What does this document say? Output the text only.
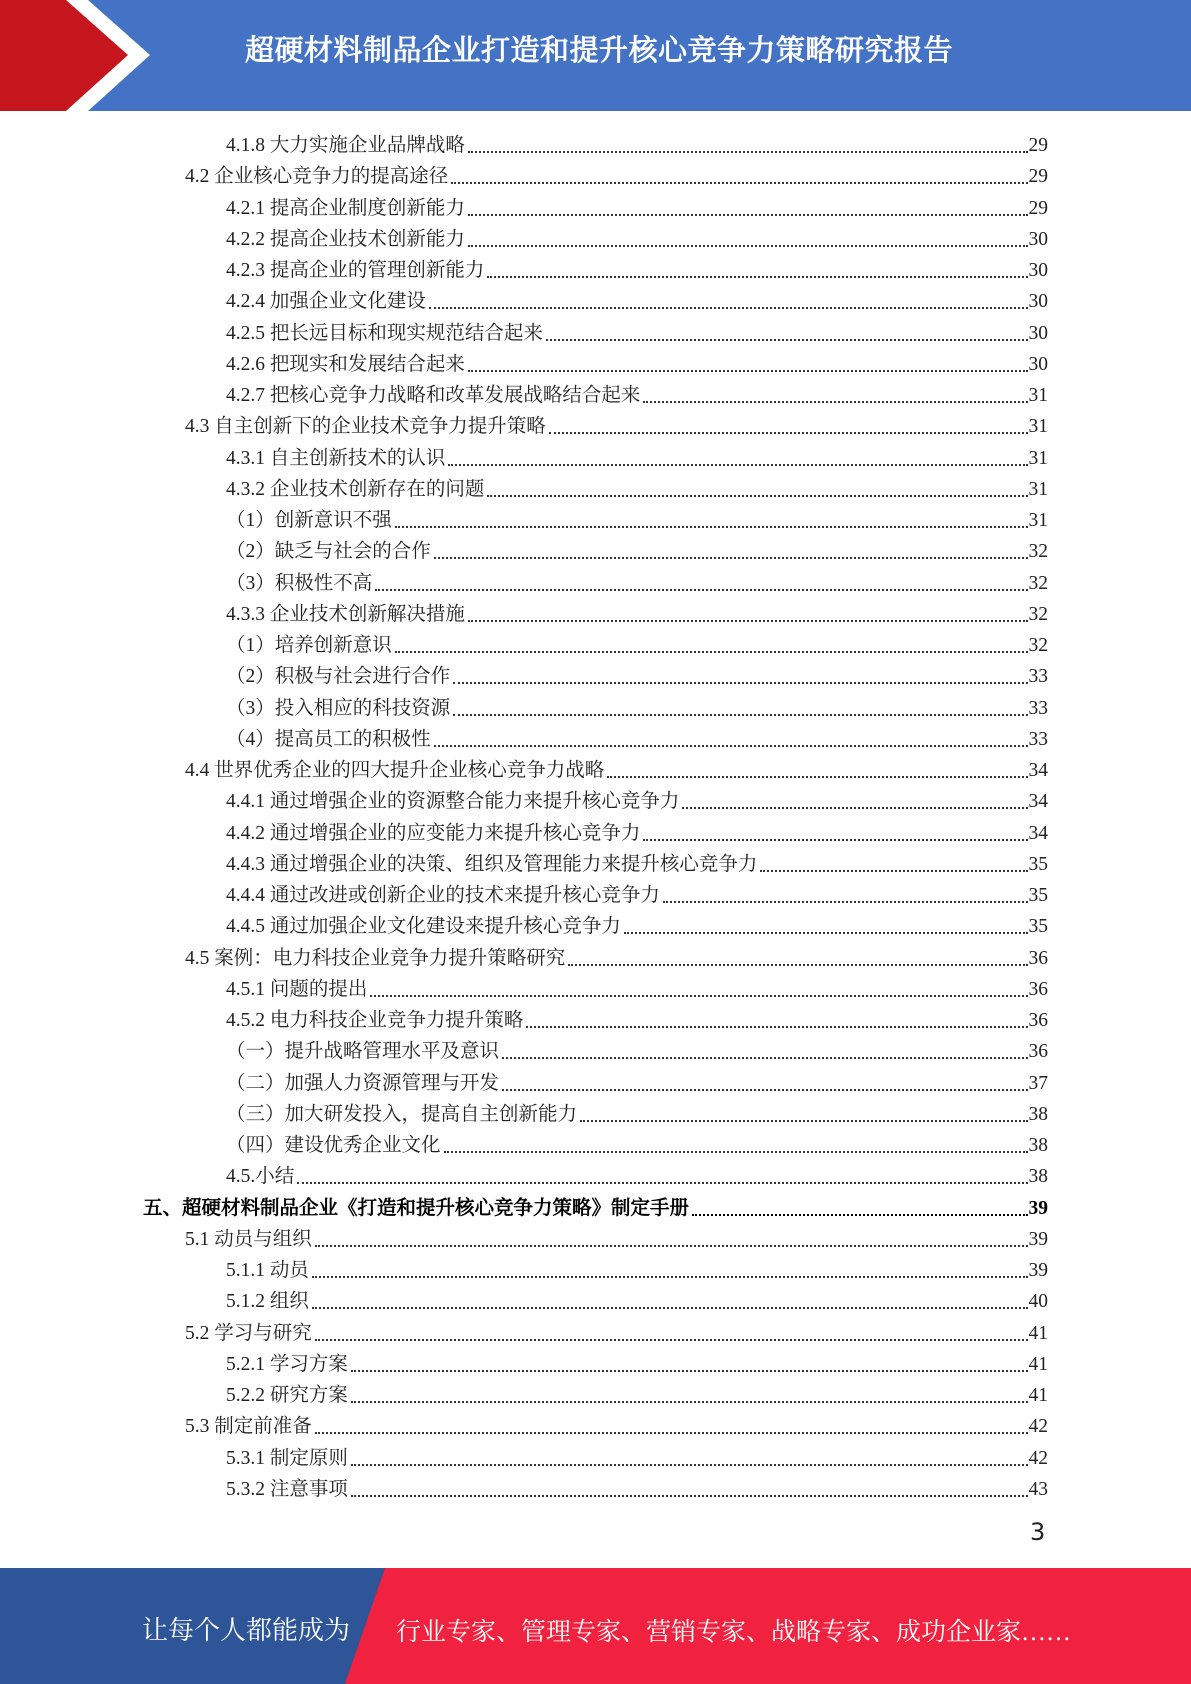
超硬材料制品企业打造和提升核心竞争力策略研究报告
4.1.8 大力实施企业品牌战略	29
4.2 企业核心竞争力的提高途径	29
4.2.1 提高企业制度创新能力	29
4.2.2 提高企业技术创新能力	30
4.2.3 提高企业的管理创新能力	30
4.2.4 加强企业文化建设	30
4.2.5 把长远目标和现实规范结合起来	30
4.2.6 把现实和发展结合起来	30
4.2.7 把核心竞争力战略和改革发展战略结合起来	31
4.3 自主创新下的企业技术竞争力提升策略	31
4.3.1 自主创新技术的认识	31
4.3.2 企业技术创新存在的问题	31
（1）创新意识不强	31
（2）缺乏与社会的合作	32
（3）积极性不高	32
4.3.3 企业技术创新解决措施	32
（1）培养创新意识	32
（2）积极与社会进行合作	33
（3）投入相应的科技资源	33
（4）提高员工的积极性	33
4.4 世界优秀企业的四大提升企业核心竞争力战略	34
4.4.1 通过增强企业的资源整合能力来提升核心竞争力	34
4.4.2 通过增强企业的应变能力来提升核心竞争力	34
4.4.3 通过增强企业的决策、组织及管理能力来提升核心竞争力	35
4.4.4 通过改进或创新企业的技术来提升核心竞争力	35
4.4.5 通过加强企业文化建设来提升核心竞争力	35
4.5 案例：电力科技企业竞争力提升策略研究	36
4.5.1 问题的提出	36
4.5.2 电力科技企业竞争力提升策略	36
（一）提升战略管理水平及意识	36
（二）加强人力资源管理与开发	37
（三）加大研发投入，提高自主创新能力	38
（四）建设优秀企业文化	38
4.5.小结	38
五、超硬材料制品企业《打造和提升核心竞争力策略》制定手册	39
5.1 动员与组织	39
5.1.1 动员	39
5.1.2 组织	40
5.2 学习与研究	41
5.2.1 学习方案	41
5.2.2 研究方案	41
5.3 制定前准备	42
5.3.1 制定原则	42
5.3.2 注意事项	43
3
让每个人都能成为 行业专家、管理专家、营销专家、战略专家、成功企业家……
